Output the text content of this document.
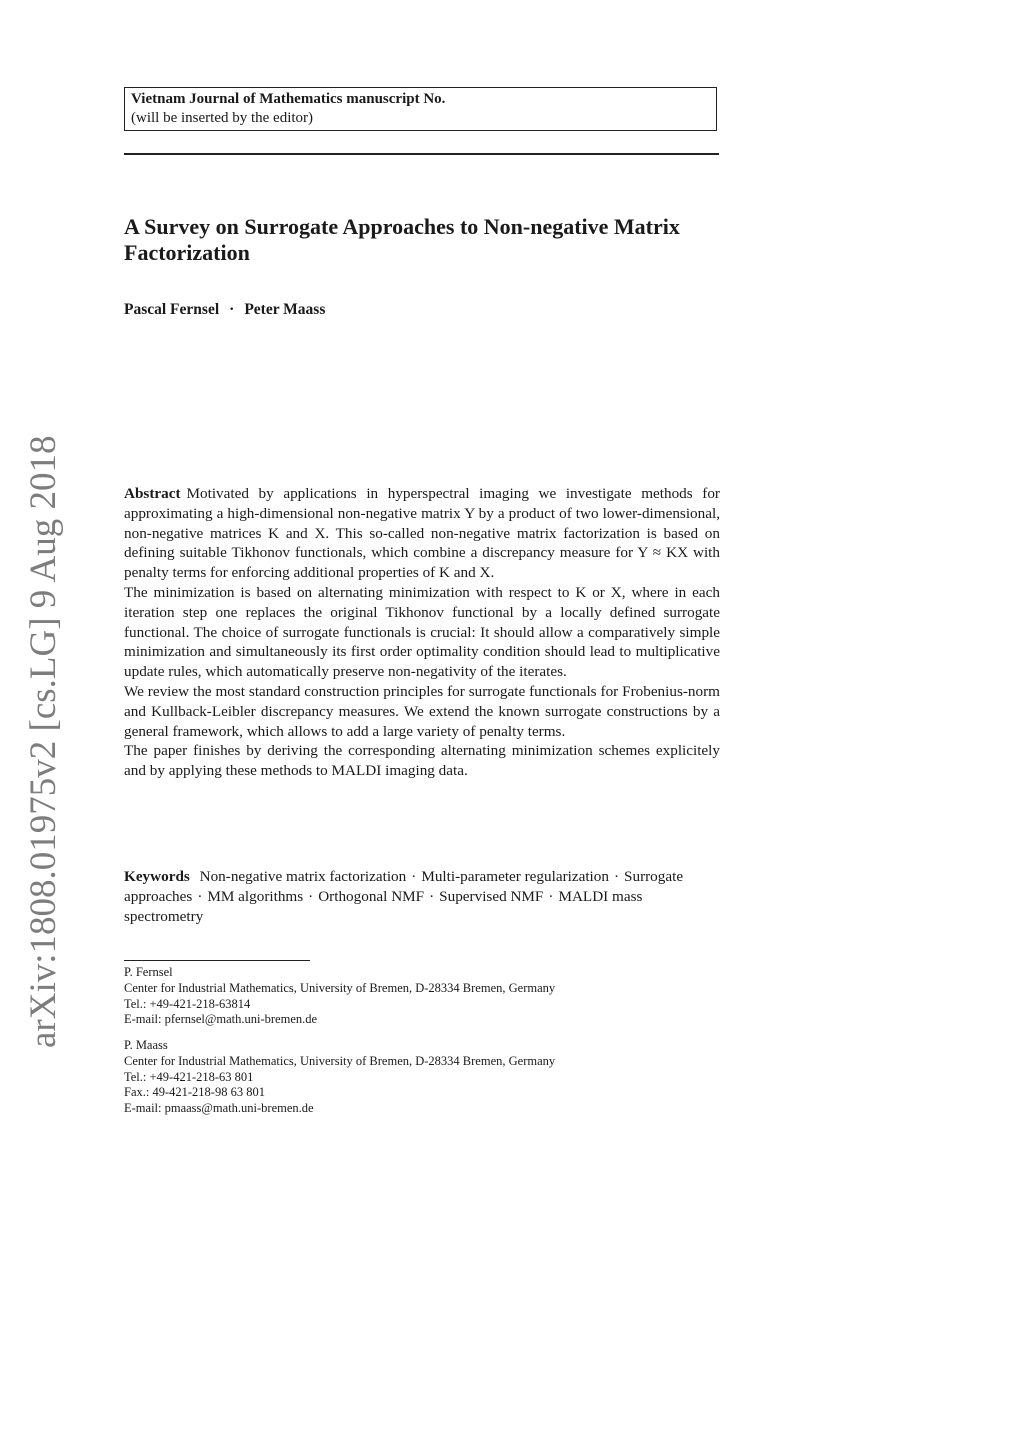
arXiv:1808.01975v2 [cs.LG] 9 Aug 2018
Vietnam Journal of Mathematics manuscript No.
(will be inserted by the editor)
A Survey on Surrogate Approaches to Non-negative Matrix Factorization
Pascal Fernsel · Peter Maass

Abstract Motivated by applications in hyperspectral imaging we investigate methods for approximating a high-dimensional non-negative matrix Y by a product of two lower-dimensional, non-negative matrices K and X. This so-called non-negative matrix factorization is based on defining suitable Tikhonov functionals, which combine a discrepancy measure for Y ≈ KX with penalty terms for enforcing additional properties of K and X.

The minimization is based on alternating minimization with respect to K or X, where in each iteration step one replaces the original Tikhonov functional by a locally defined surrogate functional. The choice of surrogate functionals is crucial: It should allow a comparatively simple minimization and simultaneously its first order optimality condition should lead to multiplicative update rules, which automatically preserve non-negativity of the iterates.

We review the most standard construction principles for surrogate functionals for Frobenius-norm and Kullback-Leibler discrepancy measures. We extend the known surrogate constructions by a general framework, which allows to add a large variety of penalty terms.

The paper finishes by deriving the corresponding alternating minimization schemes explicitely and by applying these methods to MALDI imaging data.

Keywords Non-negative matrix factorization · Multi-parameter regularization · Surrogate approaches · MM algorithms · Orthogonal NMF · Supervised NMF · MALDI mass spectrometry
P. Fernsel
Center for Industrial Mathematics, University of Bremen, D-28334 Bremen, Germany
Tel.: +49-421-218-63814
E-mail: pfernsel@math.uni-bremen.de
P. Maass
Center for Industrial Mathematics, University of Bremen, D-28334 Bremen, Germany
Tel.: +49-421-218-63 801
Fax.: 49-421-218-98 63 801
E-mail: pmaass@math.uni-bremen.de
